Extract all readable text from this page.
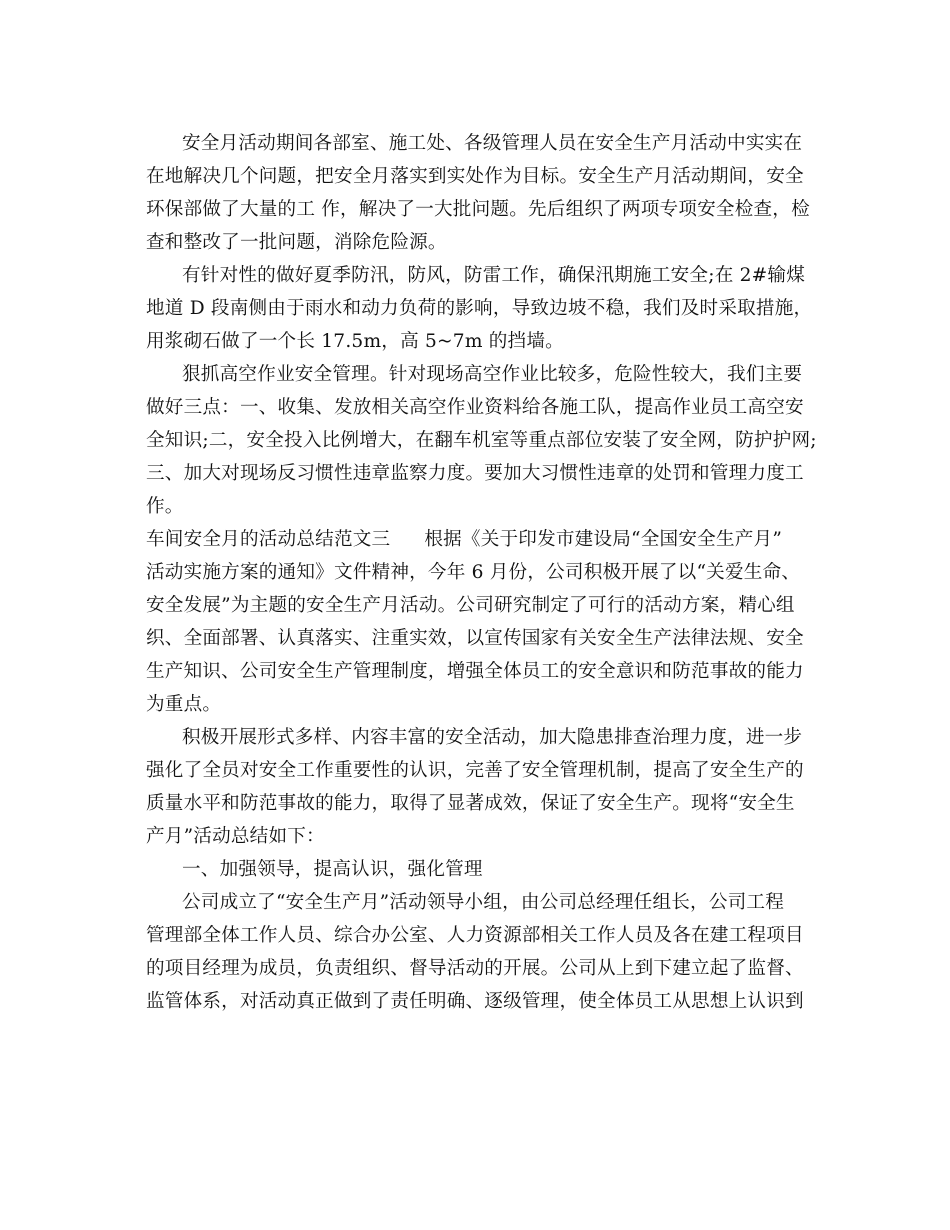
安全月活动期间各部室、施工处、各级管理人员在安全生产月活动中实实在
在地解决几个问题，把安全月落实到实处作为目标。安全生产月活动期间，安全
环保部做了大量的工 作，解决了一大批问题。先后组织了两项专项安全检查，检
查和整改了一批问题，消除危险源。
有针对性的做好夏季防汛，防风，防雷工作，确保汛期施工安全;在 2#输煤
地道 D 段南侧由于雨水和动力负荷的影响，导致边坡不稳，我们及时采取措施，
用浆砌石做了一个长 17.5m，高 5~7m 的挡墙。
狠抓高空作业安全管理。针对现场高空作业比较多，危险性较大，我们主要
做好三点：一、收集、发放相关高空作业资料给各施工队，提高作业员工高空安
全知识;二，安全投入比例增大，在翻车机室等重点部位安装了安全网，防护护网;
三、加大对现场反习惯性违章监察力度。要加大习惯性违章的处罚和管理力度工
作。
车间安全月的活动总结范文三 根据《关于印发市建设局“全国安全生产月”
活动实施方案的通知》文件精神，今年 6 月份，公司积极开展了以“关爱生命、
安全发展”为主题的安全生产月活动。公司研究制定了可行的活动方案，精心组
织、全面部署、认真落实、注重实效，以宣传国家有关安全生产法律法规、安全
生产知识、公司安全生产管理制度，增强全体员工的安全意识和防范事故的能力
为重点。
积极开展形式多样、内容丰富的安全活动，加大隐患排查治理力度，进一步
强化了全员对安全工作重要性的认识，完善了安全管理机制，提高了安全生产的
质量水平和防范事故的能力，取得了显著成效，保证了安全生产。现将“安全生
产月”活动总结如下：
一、加强领导，提高认识，强化管理
公司成立了“安全生产月”活动领导小组，由公司总经理任组长，公司工程
管理部全体工作人员、综合办公室、人力资源部相关工作人员及各在建工程项目
的项目经理为成员，负责组织、督导活动的开展。公司从上到下建立起了监督、
监管体系，对活动真正做到了责任明确、逐级管理，使全体员工从思想上认识到
